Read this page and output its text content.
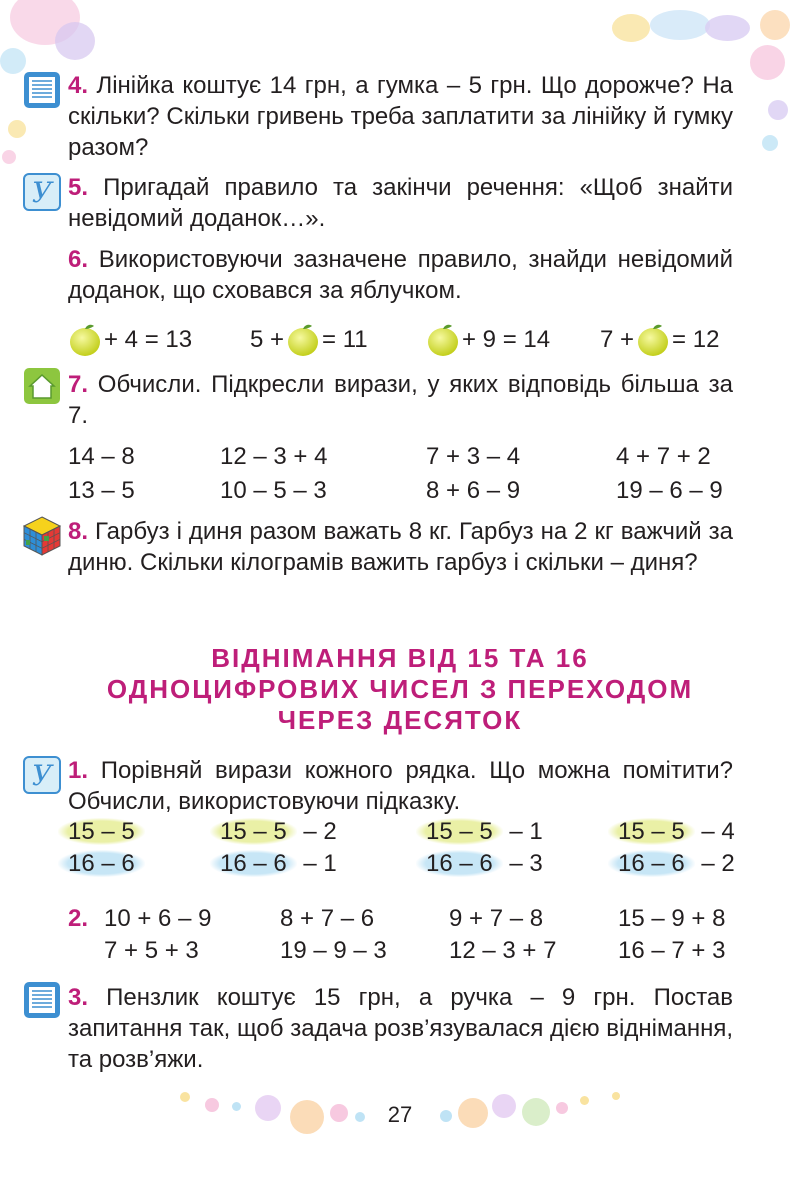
4. Лінійка коштує 14 грн, а гумка – 5 грн. Що дорожче? На скільки? Скільки гривень треба заплатити за лінійку й гумку разом?
У 5. Пригадай правило та закінчи речення: «Щоб знайти невідомий доданок…».
6. Використовуючи зазначене правило, знайди невідомий доданок, що сховався за яблучком.
+ 4 = 13 5 + = 11	+ 9 = 14 7 + = 12
7. Обчисли. Підкресли вирази, у яких відповідь більша за 7.
14 – 8	12 – 3 + 4	7 + 3 – 4	4 + 7 + 2
13 – 5	10 – 5 – 3	8 + 6 – 9	19 – 6 – 9
8. Гарбуз і диня разом важать 8 кг. Гарбуз на 2 кг важчий за диню. Скільки кілограмів важить гарбуз і скільки – диня?
ВІДНІМАННЯ ВІД 15 ТА 16
ОДНОЦИФРОВИХ ЧИСЕЛ З ПЕРЕХОДОМ
ЧЕРЕЗ ДЕСЯТОК
У 1. Порівняй вирази кожного рядка. Що можна помітити? Обчисли, використовуючи підказку.
15 – 5	15 – 5 – 2	15 – 5 – 1	15 – 5 – 4
16 – 6	16 – 6 – 1	16 – 6 – 3	16 – 6 – 2
2. 10 + 6 – 9	8 + 7 – 6	9 + 7 – 8	15 – 9 + 8
7 + 5 + 3	19 – 9 – 3	12 – 3 + 7	16 – 7 + 3
3. Пензлик коштує 15 грн, а ручка – 9 грн. Постав запитання так, щоб задача розв’язувалася дією віднімання, та розв’яжи.
27
